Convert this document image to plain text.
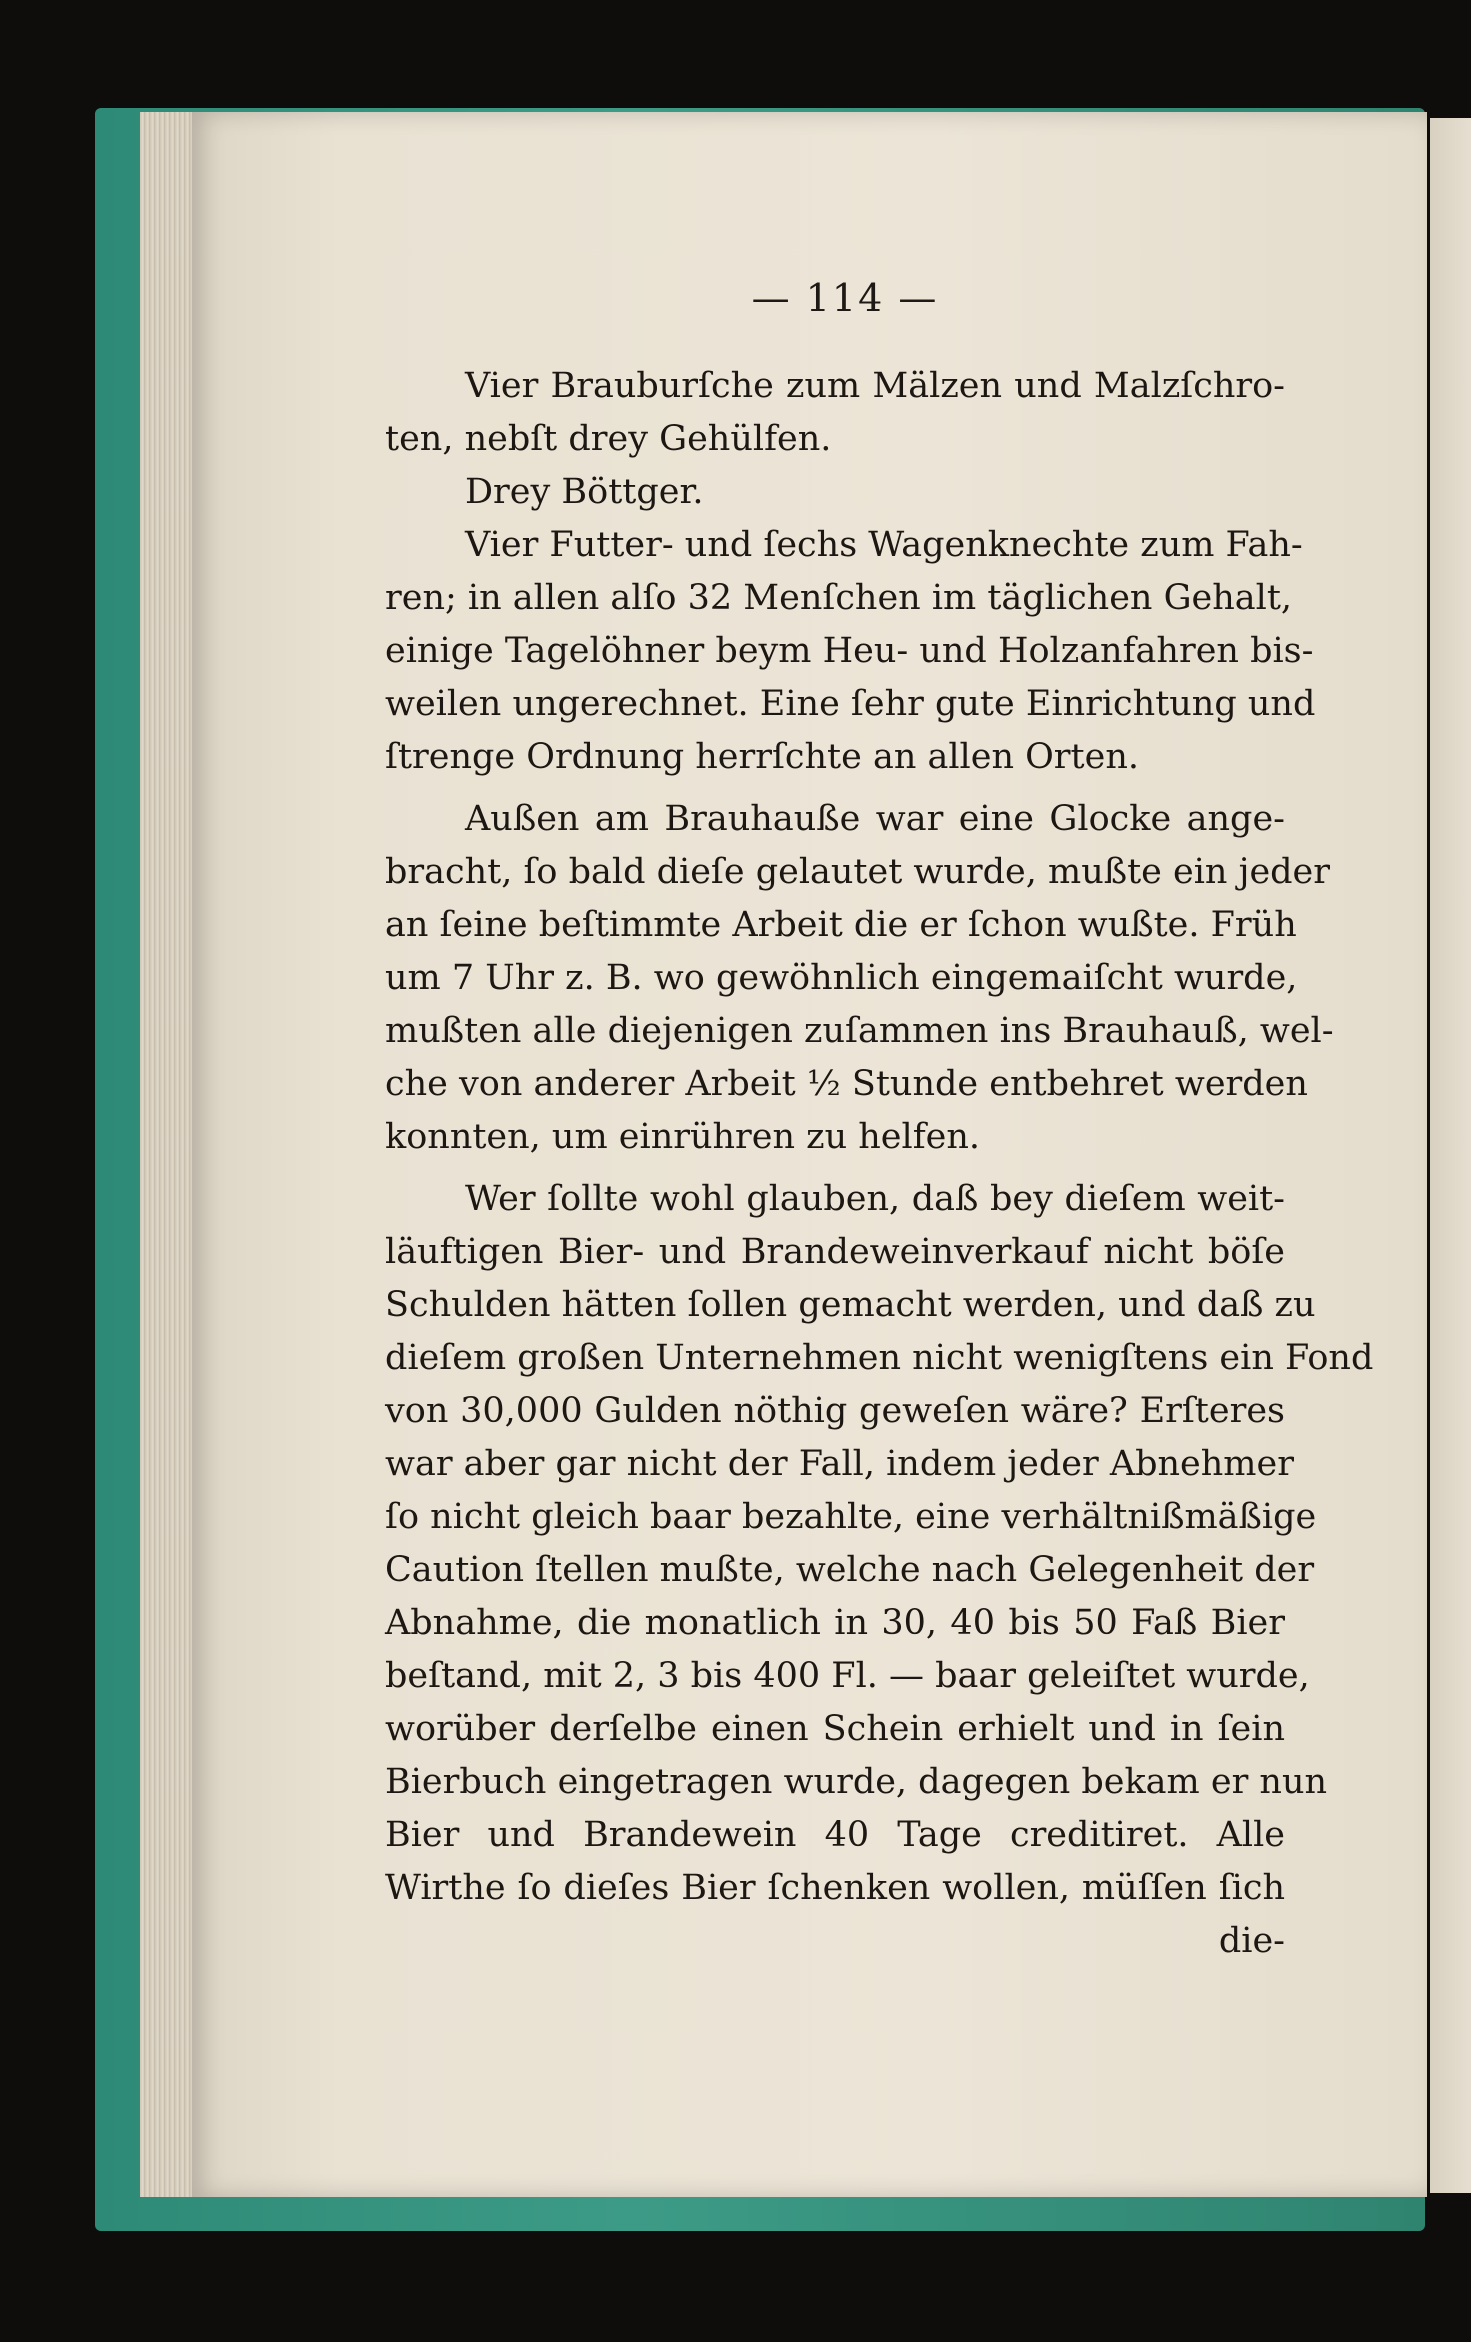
— 114 —
Vier Brauburſche zum Mälzen und Malzſchro-
ten, nebſt drey Gehülfen.
Drey Böttger.
Vier Futter- und ſechs Wagenknechte zum Fah-
ren; in allen alſo 32 Menſchen im täglichen Gehalt,
einige Tagelöhner beym Heu- und Holzanfahren bis-
weilen ungerechnet. Eine ſehr gute Einrichtung und
ſtrenge Ordnung herrſchte an allen Orten.
Außen am Brauhauße war eine Glocke ange-
bracht, ſo bald dieſe gelautet wurde, mußte ein jeder
an ſeine beſtimmte Arbeit die er ſchon wußte. Früh
um 7 Uhr z. B. wo gewöhnlich eingemaiſcht wurde,
mußten alle diejenigen zuſammen ins Brauhauß, wel-
che von anderer Arbeit ½ Stunde entbehret werden
konnten, um einrühren zu helfen.
Wer ſollte wohl glauben, daß bey dieſem weit-
läuftigen Bier- und Brandeweinverkauf nicht böſe
Schulden hätten ſollen gemacht werden, und daß zu
dieſem großen Unternehmen nicht wenigſtens ein Fond
von 30,000 Gulden nöthig geweſen wäre? Erſteres
war aber gar nicht der Fall, indem jeder Abnehmer
ſo nicht gleich baar bezahlte, eine verhältnißmäßige
Caution ſtellen mußte, welche nach Gelegenheit der
Abnahme, die monatlich in 30, 40 bis 50 Faß Bier
beſtand, mit 2, 3 bis 400 Fl. — baar geleiſtet wurde,
worüber derſelbe einen Schein erhielt und in ſein
Bierbuch eingetragen wurde, dagegen bekam er nun
Bier und Brandewein 40 Tage creditiret. Alle
Wirthe ſo dieſes Bier ſchenken wollen, müſſen ſich
die-
